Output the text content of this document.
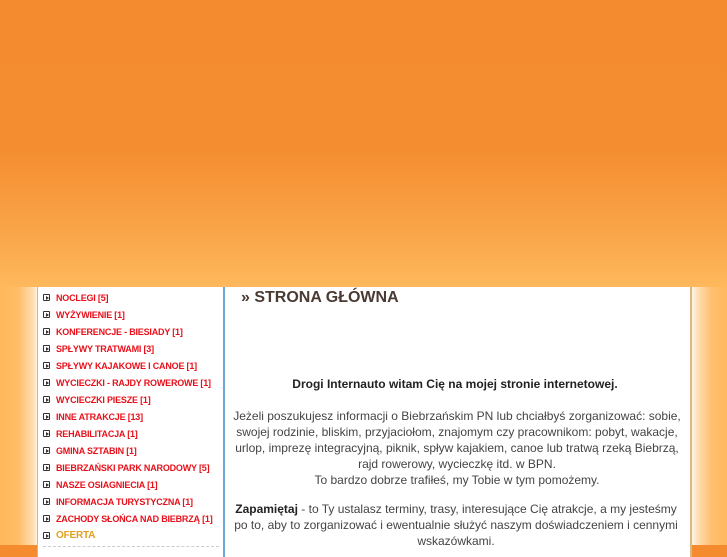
NOCLEGI [5]
WYŻYWIENIE [1]
KONFERENCJE - BIESIADY [1]
SPŁYWY TRATWAMI [3]
SPŁYWY KAJAKOWE I CANOE [1]
WYCIECZKI - RAJDY ROWEROWE [1]
WYCIECZKI PIESZE [1]
INNE ATRAKCJE [13]
REHABILITACJA [1]
GMINA SZTABIN [1]
BIEBRZAŃSKI PARK NARODOWY [5]
NASZE OSIAGNIECIA [1]
INFORMACJA TURYSTYCZNA [1]
ZACHODY SŁOŃCA NAD BIEBRZĄ [1]
OFERTA
» STRONA GŁÓWNA
Drogi Internauto witam Cię na mojej stronie internetowej.
Jeżeli poszukujesz informacji o Biebrzańskim PN lub chciałbyś zorganizować: sobie, swojej rodzinie, bliskim, przyjaciołom, znajomym czy pracownikom: pobyt, wakacje, urlop, imprezę integracyjną, piknik, spływ kajakiem, canoe lub tratwą rzeką Biebrzą, rajd rowerowy, wycieczkę itd. w BPN.
To bardzo dobrze trafiłeś, my Tobie w tym pomożemy.
Zapamiętaj - to Ty ustalasz terminy, trasy, interesujące Cię atrakcje, a my jesteśmy po to, aby to zorganizować i ewentualnie służyć naszym doświadczeniem i cennymi wskazówkami.
